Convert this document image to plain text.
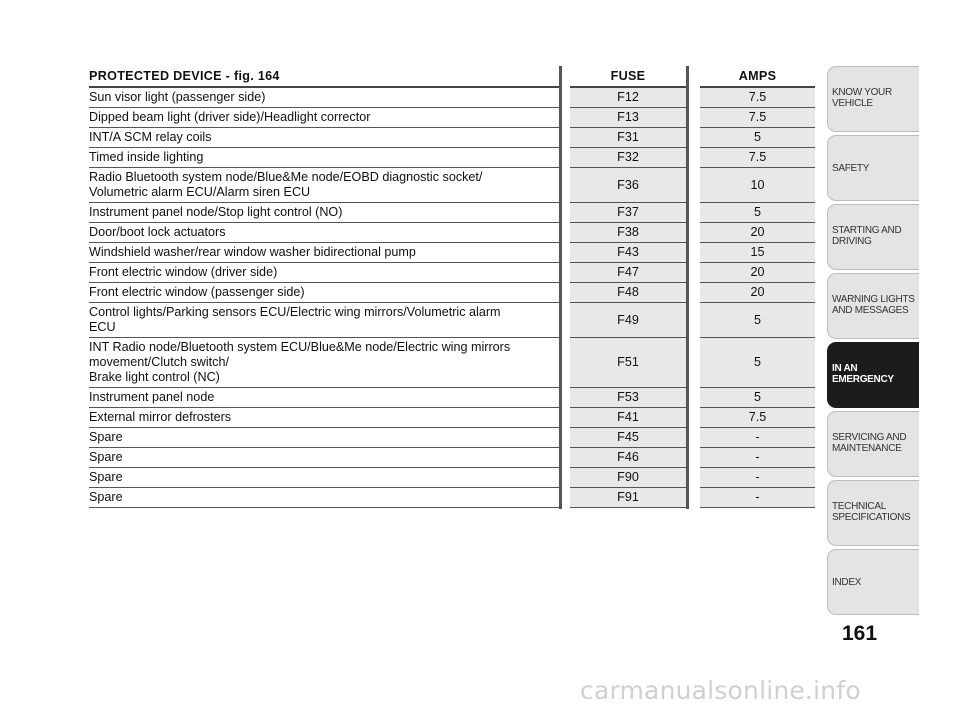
PROTECTED DEVICE - fig. 164		FUSE		AMPS
Sun visor light (passenger side)		F12		7.5
Dipped beam light (driver side)/Headlight corrector		F13		7.5
INT/A SCM relay coils		F31		5
Timed inside lighting		F32		7.5
Radio Bluetooth system node/Blue&Me node/EOBD diagnostic socket/
Volumetric alarm ECU/Alarm siren ECU		F36		10
Instrument panel node/Stop light control (NO)		F37		5
Door/boot lock actuators		F38		20
Windshield washer/rear window washer bidirectional pump		F43		15
Front electric window (driver side)		F47		20
Front electric window (passenger side)		F48		20
Control lights/Parking sensors ECU/Electric wing mirrors/Volumetric alarm
ECU		F49		5
INT Radio node/Bluetooth system ECU/Blue&Me node/Electric wing mirrors
movement/Clutch switch/
Brake light control (NC)		F51		5
Instrument panel node		F53		5
External mirror defrosters		F41		7.5
Spare		F45		-
Spare		F46		-
Spare		F90		-
Spare		F91		-
KNOW YOUR
VEHICLE
SAFETY
STARTING AND
DRIVING
WARNING LIGHTS
AND MESSAGES
IN AN
EMERGENCY
SERVICING AND
MAINTENANCE
TECHNICAL
SPECIFICATIONS
INDEX
161
carmanualsonline.info
